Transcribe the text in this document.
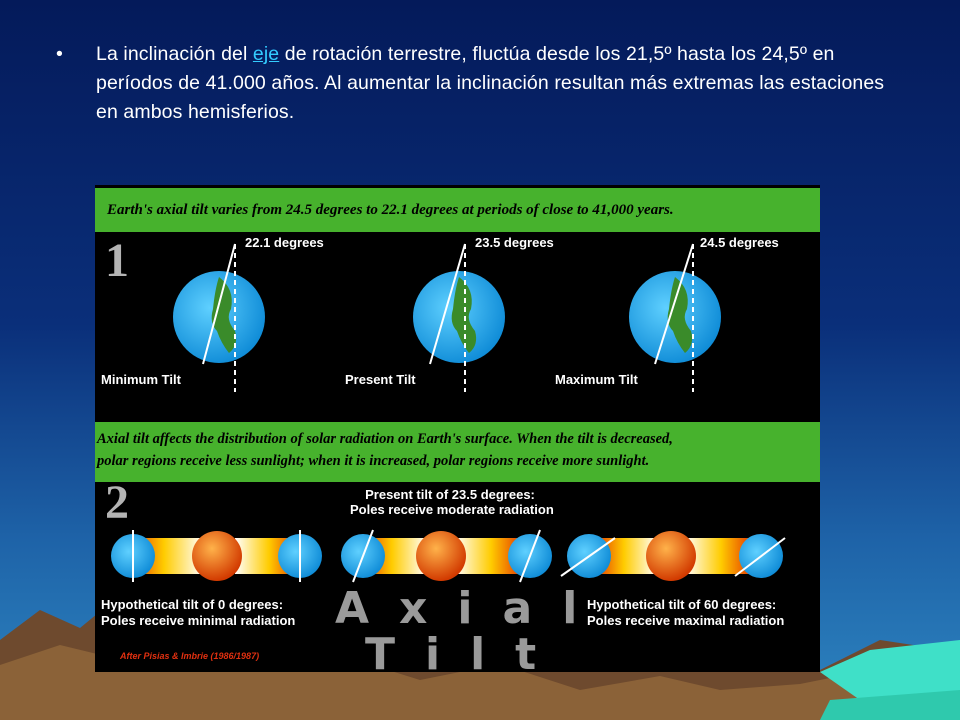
• La inclinación del eje de rotación terrestre, fluctúa desde los 21,5º hasta los 24,5º en períodos de 41.000 años. Al aumentar la inclinación resultan más extremas las estaciones en ambos hemisferios.
Earth's axial tilt varies from 24.5 degrees to 22.1 degrees at periods of close to 41,000 years.
1	22.1 degrees	23.5 degrees	24.5 degrees
Minimum Tilt	Present Tilt	Maximum Tilt
Axial tilt affects the distribution of solar radiation on Earth's surface. When the tilt is decreased,
polar regions receive less sunlight; when it is increased, polar regions receive more sunlight.
2	Present tilt of 23.5 degrees:
Poles receive moderate radiation
Hypothetical tilt of 0 degrees:
Poles receive minimal radiation
Hypothetical tilt of 60 degrees:
Poles receive maximal radiation
Axial
Tilt
After Pisias & Imbrie (1986/1987)
